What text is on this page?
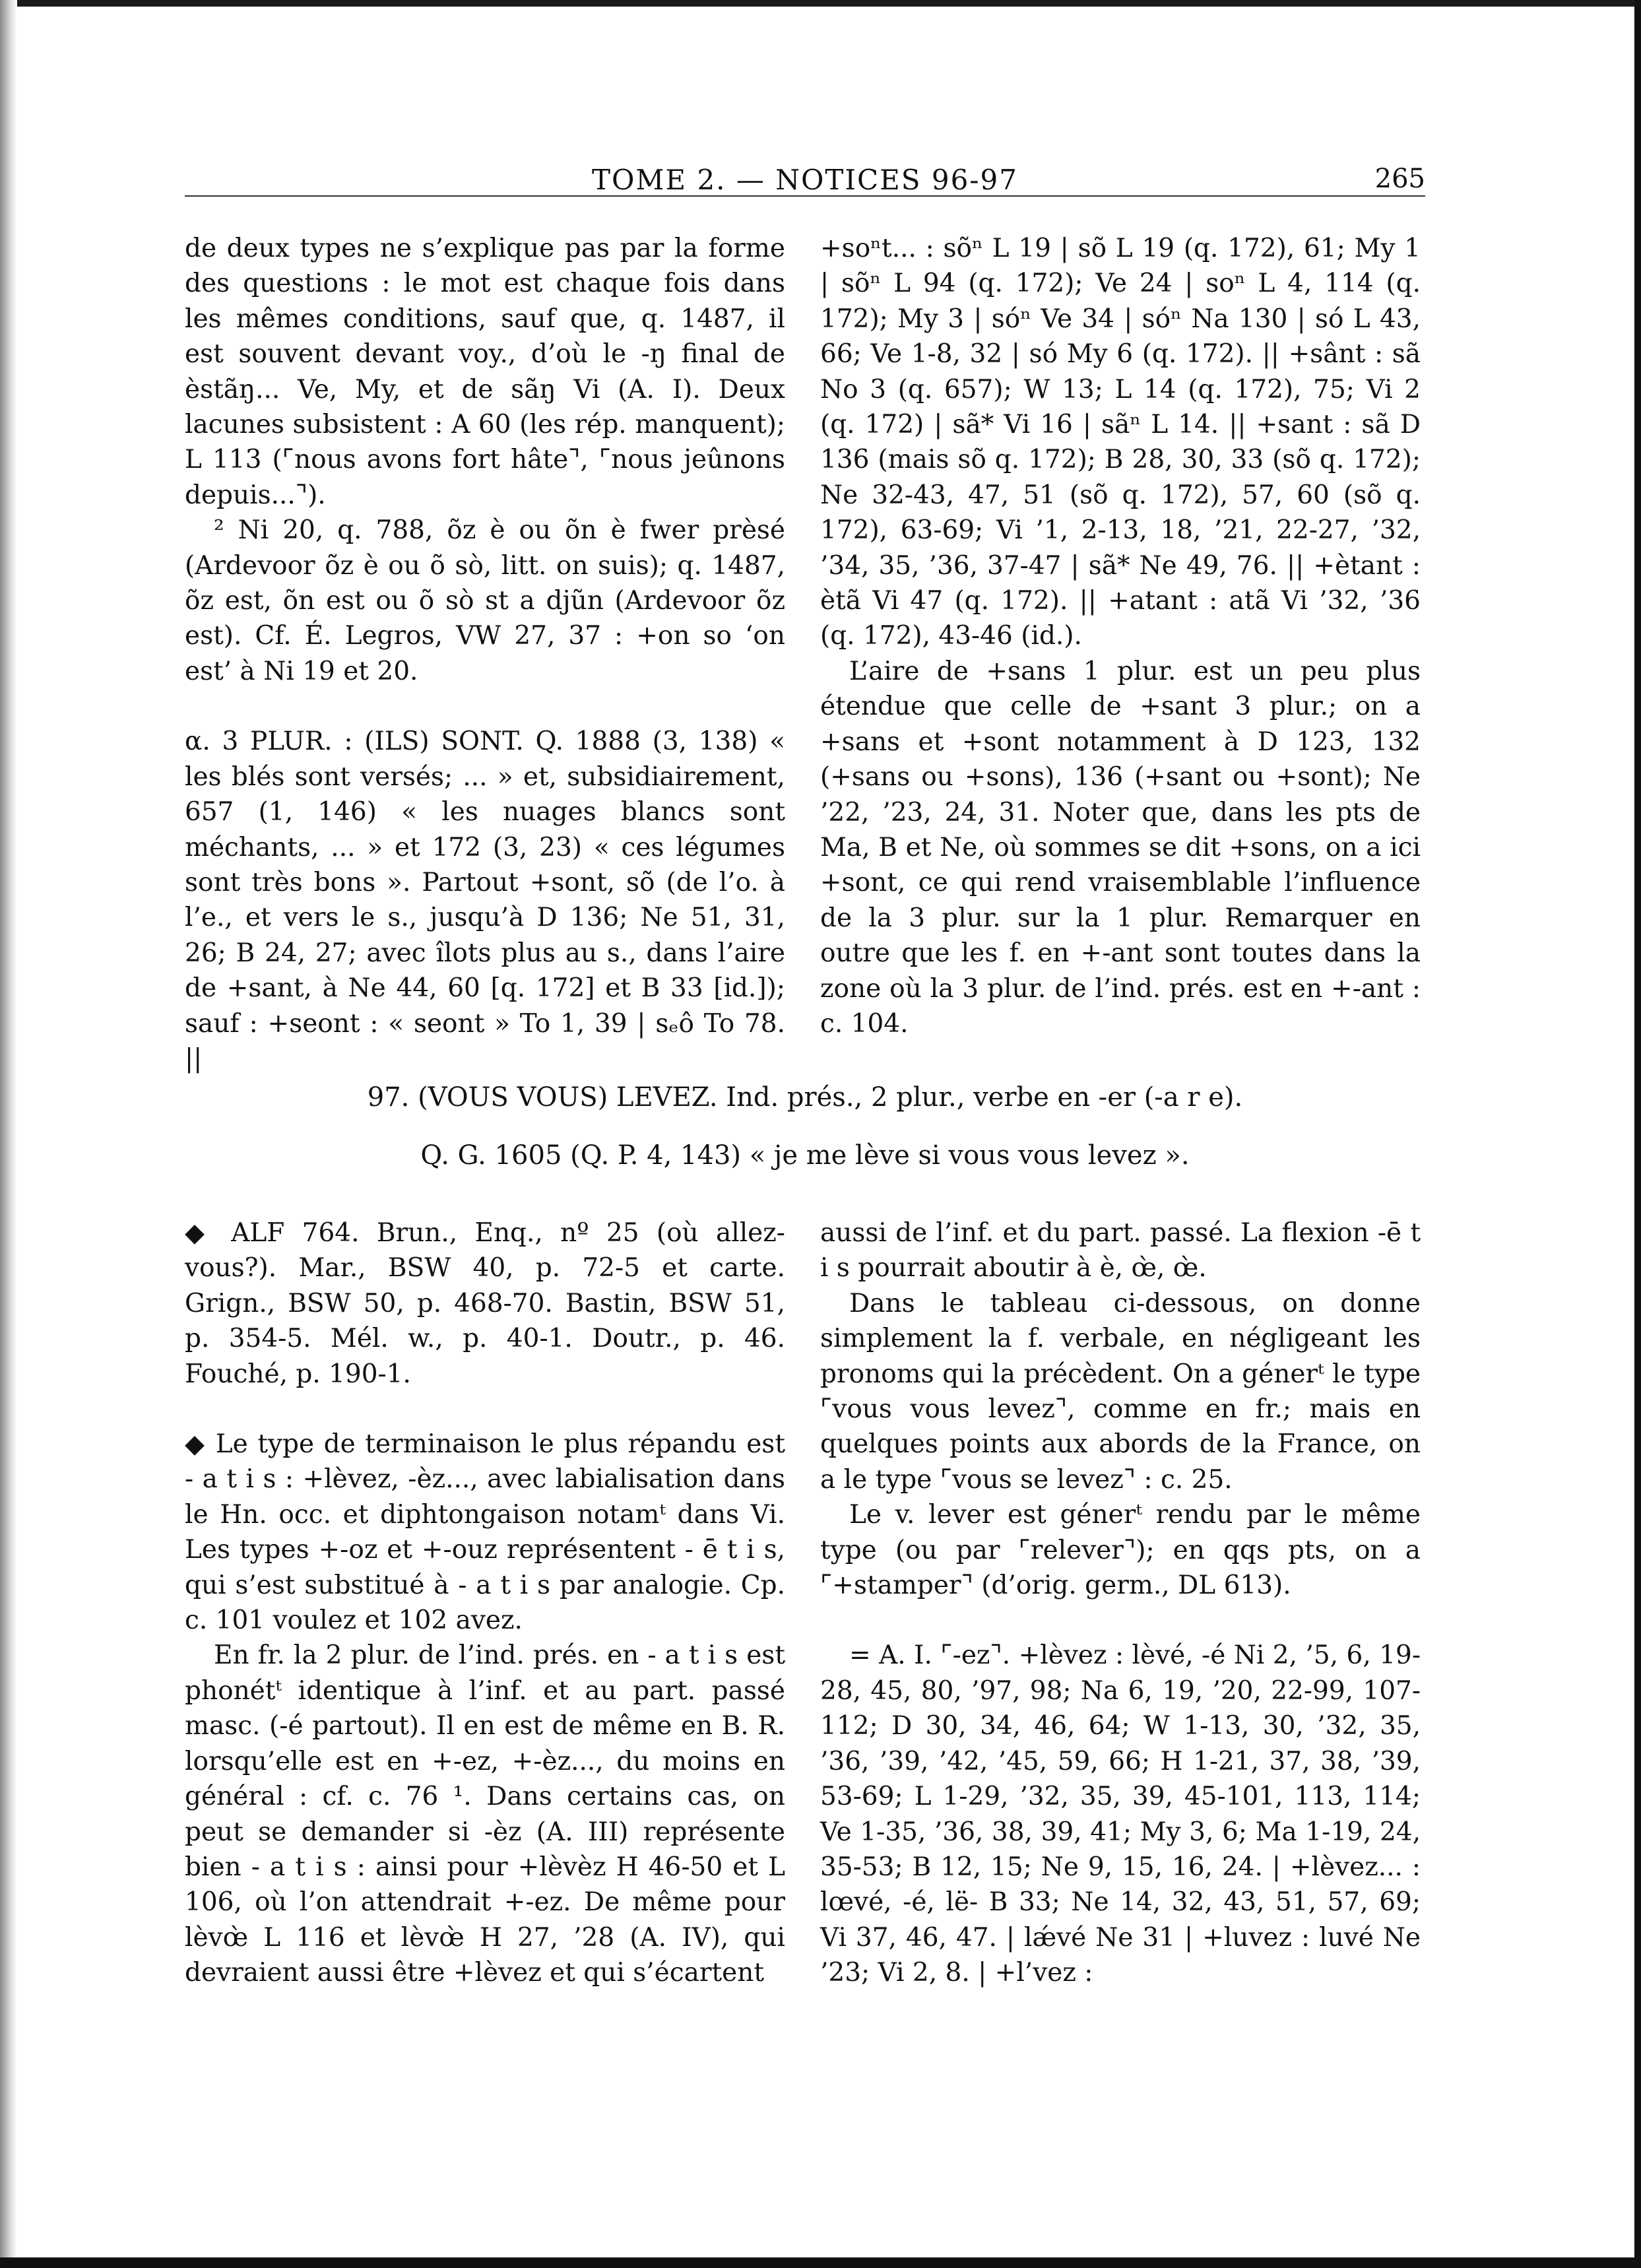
TOME 2. — NOTICES 96-97	265

de deux types ne s’explique pas par la forme des questions : le mot est chaque fois dans les mêmes conditions, sauf que, q. 1487, il est souvent devant voy., d’où le -ŋ final de èstãŋ... Ve, My, et de sãŋ Vi (A. I). Deux lacunes subsistent : A 60 (les rép. manquent); L 113 (⌜nous avons fort hâte⌝, ⌜nous jeûnons depuis...⌝).

² Ni 20, q. 788, õz è ou õn è fwer prèsé (Ardevoor õz è ou õ sò, litt. on suis); q. 1487, õz est, õn est ou õ sò st a djũn (Ardevoor õz est). Cf. É. Legros, VW 27, 37 : +on so ‘on est’ à Ni 19 et 20.

α. 3 PLUR. : (ILS) SONT. Q. 1888 (3, 138) « les blés sont versés; ... » et, subsidiairement, 657 (1, 146) « les nuages blancs sont méchants, ... » et 172 (3, 23) « ces légumes sont très bons ». Partout +sont, sõ (de l’o. à l’e., et vers le s., jusqu’à D 136; Ne 51, 31, 26; B 24, 27; avec îlots plus au s., dans l’aire de +sant, à Ne 44, 60 [q. 172] et B 33 [id.]); sauf : +seont : « seont » To 1, 39 | sₑô To 78. ||

+soⁿt... : sõⁿ L 19 | sõ L 19 (q. 172), 61; My 1 | sõⁿ L 94 (q. 172); Ve 24 | soⁿ L 4, 114 (q. 172); My 3 | sóⁿ Ve 34 | sóⁿ Na 130 | só L 43, 66; Ve 1-8, 32 | só My 6 (q. 172). || +sânt : sã No 3 (q. 657); W 13; L 14 (q. 172), 75; Vi 2 (q. 172) | sã* Vi 16 | sãⁿ L 14. || +sant : sã D 136 (mais sõ q. 172); B 28, 30, 33 (sõ q. 172); Ne 32-43, 47, 51 (sõ q. 172), 57, 60 (sõ q. 172), 63-69; Vi ’1, 2-13, 18, ’21, 22-27, ’32, ’34, 35, ’36, 37-47 | sã* Ne 49, 76. || +ètant : ètã Vi 47 (q. 172). || +atant : atã Vi ’32, ’36 (q. 172), 43-46 (id.).

L’aire de +sans 1 plur. est un peu plus étendue que celle de +sant 3 plur.; on a +sans et +sont notamment à D 123, 132 (+sans ou +sons), 136 (+sant ou +sont); Ne ’22, ’23, 24, 31. Noter que, dans les pts de Ma, B et Ne, où sommes se dit +sons, on a ici +sont, ce qui rend vraisemblable l’influence de la 3 plur. sur la 1 plur. Remarquer en outre que les f. en +-ant sont toutes dans la zone où la 3 plur. de l’ind. prés. est en +-ant : c. 104.

97. (VOUS VOUS) LEVEZ. Ind. prés., 2 plur., verbe en -er (-a r e).
Q. G. 1605 (Q. P. 4, 143) « je me lève si vous vous levez ».

◆ ALF 764. Brun., Enq., nº 25 (où allez-vous?). Mar., BSW 40, p. 72-5 et carte. Grign., BSW 50, p. 468-70. Bastin, BSW 51, p. 354-5. Mél. w., p. 40-1. Doutr., p. 46. Fouché, p. 190-1.

◆ Le type de terminaison le plus répandu est - a t i s : +lèvez, -èz..., avec labialisation dans le Hn. occ. et diphtongaison notamᵗ dans Vi. Les types +-oz et +-ouz représentent - ē t i s, qui s’est substitué à - a t i s par analogie. Cp. c. 101 voulez et 102 avez.

En fr. la 2 plur. de l’ind. prés. en - a t i s est phonétᵗ identique à l’inf. et au part. passé masc. (-é partout). Il en est de même en B. R. lorsqu’elle est en +-ez, +-èz..., du moins en général : cf. c. 76 ¹. Dans certains cas, on peut se demander si -èz (A. III) représente bien - a t i s : ainsi pour +lèvèz H 46-50 et L 106, où l’on attendrait +-ez. De même pour lèvœ̀ L 116 et lèvœ̀ H 27, ’28 (A. IV), qui devraient aussi être +lèvez et qui s’écartent

aussi de l’inf. et du part. passé. La flexion -ē t i s pourrait aboutir à è, œ̀, œ̀.

Dans le tableau ci-dessous, on donne simplement la f. verbale, en négligeant les pronoms qui la précèdent. On a génerᵗ le type ⌜vous vous levez⌝, comme en fr.; mais en quelques points aux abords de la France, on a le type ⌜vous se levez⌝ : c. 25.

Le v. lever est génerᵗ rendu par le même type (ou par ⌜relever⌝); en qqs pts, on a ⌜+stamper⌝ (d’orig. germ., DL 613).

= A. I. ⌜-ez⌝. +lèvez : lèvé, -é Ni 2, ’5, 6, 19-28, 45, 80, ’97, 98; Na 6, 19, ’20, 22-99, 107-112; D 30, 34, 46, 64; W 1-13, 30, ’32, 35, ’36, ’39, ’42, ’45, 59, 66; H 1-21, 37, 38, ’39, 53-69; L 1-29, ’32, 35, 39, 45-101, 113, 114; Ve 1-35, ’36, 38, 39, 41; My 3, 6; Ma 1-19, 24, 35-53; B 12, 15; Ne 9, 15, 16, 24. | +lèvez... : lœvé, -é, lë- B 33; Ne 14, 32, 43, 51, 57, 69; Vi 37, 46, 47. | lǽvé Ne 31 | +luvez : luvé Ne ’23; Vi 2, 8. | +l’vez :
